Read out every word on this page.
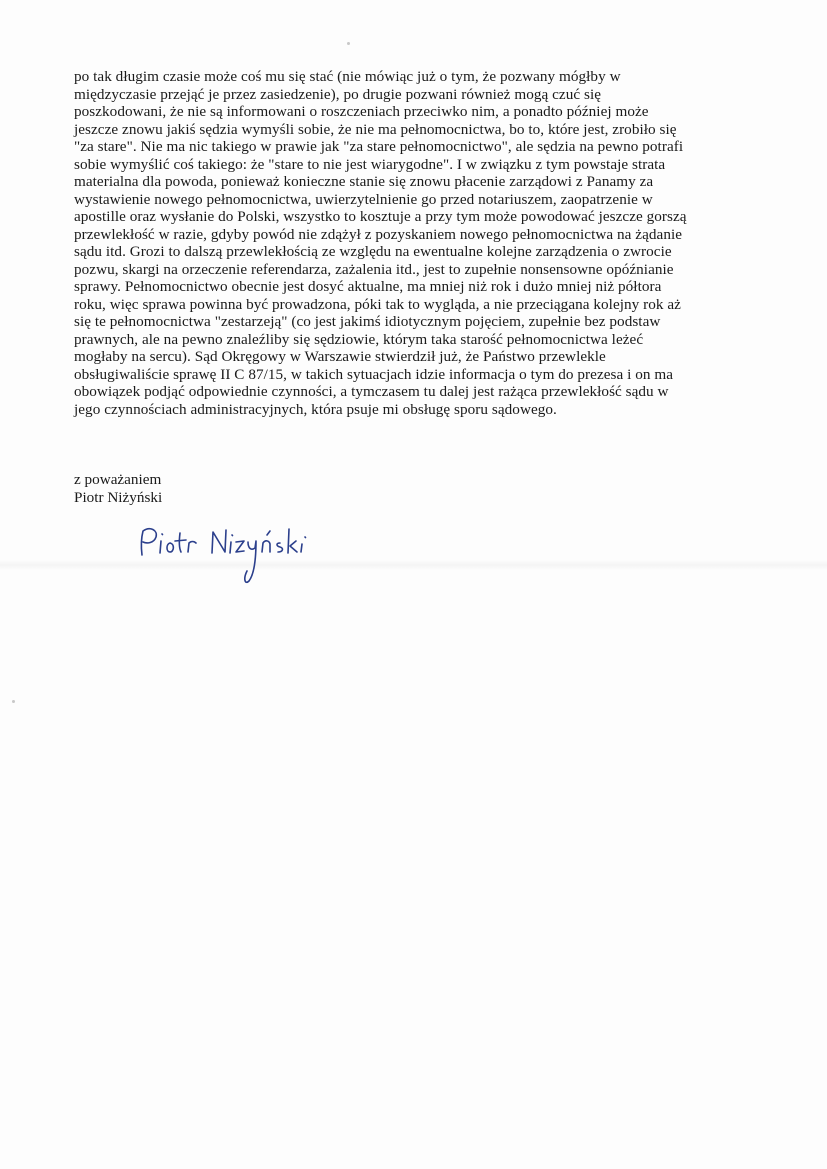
po tak długim czasie może coś mu się stać (nie mówiąc już o tym, że pozwany mógłby w
międzyczasie przejąć je przez zasiedzenie), po drugie pozwani również mogą czuć się
poszkodowani, że nie są informowani o roszczeniach przeciwko nim, a ponadto później może
jeszcze znowu jakiś sędzia wymyśli sobie, że nie ma pełnomocnictwa, bo to, które jest, zrobiło się
"za stare". Nie ma nic takiego w prawie jak "za stare pełnomocnictwo", ale sędzia na pewno potrafi
sobie wymyślić coś takiego: że "stare to nie jest wiarygodne". I w związku z tym powstaje strata
materialna dla powoda, ponieważ konieczne stanie się znowu płacenie zarządowi z Panamy za
wystawienie nowego pełnomocnictwa, uwierzytelnienie go przed notariuszem, zaopatrzenie w
apostille oraz wysłanie do Polski, wszystko to kosztuje a przy tym może powodować jeszcze gorszą
przewlekłość w razie, gdyby powód nie zdążył z pozyskaniem nowego pełnomocnictwa na żądanie
sądu itd. Grozi to dalszą przewlekłością ze względu na ewentualne kolejne zarządzenia o zwrocie
pozwu, skargi na orzeczenie referendarza, zażalenia itd., jest to zupełnie nonsensowne opóźnianie
sprawy. Pełnomocnictwo obecnie jest dosyć aktualne, ma mniej niż rok i dużo mniej niż półtora
roku, więc sprawa powinna być prowadzona, póki tak to wygląda, a nie przeciągana kolejny rok aż
się te pełnomocnictwa "zestarzeją" (co jest jakimś idiotycznym pojęciem, zupełnie bez podstaw
prawnych, ale na pewno znaleźliby się sędziowie, którym taka starość pełnomocnictwa leżeć
mogłaby na sercu). Sąd Okręgowy w Warszawie stwierdził już, że Państwo przewlekle
obsługiwaliście sprawę II C 87/15, w takich sytuacjach idzie informacja o tym do prezesa i on ma
obowiązek podjąć odpowiednie czynności, a tymczasem tu dalej jest rażąca przewlekłość sądu w
jego czynnościach administracyjnych, która psuje mi obsługę sporu sądowego.

z poważaniem
Piotr Niżyński

Piotr Niżyński
